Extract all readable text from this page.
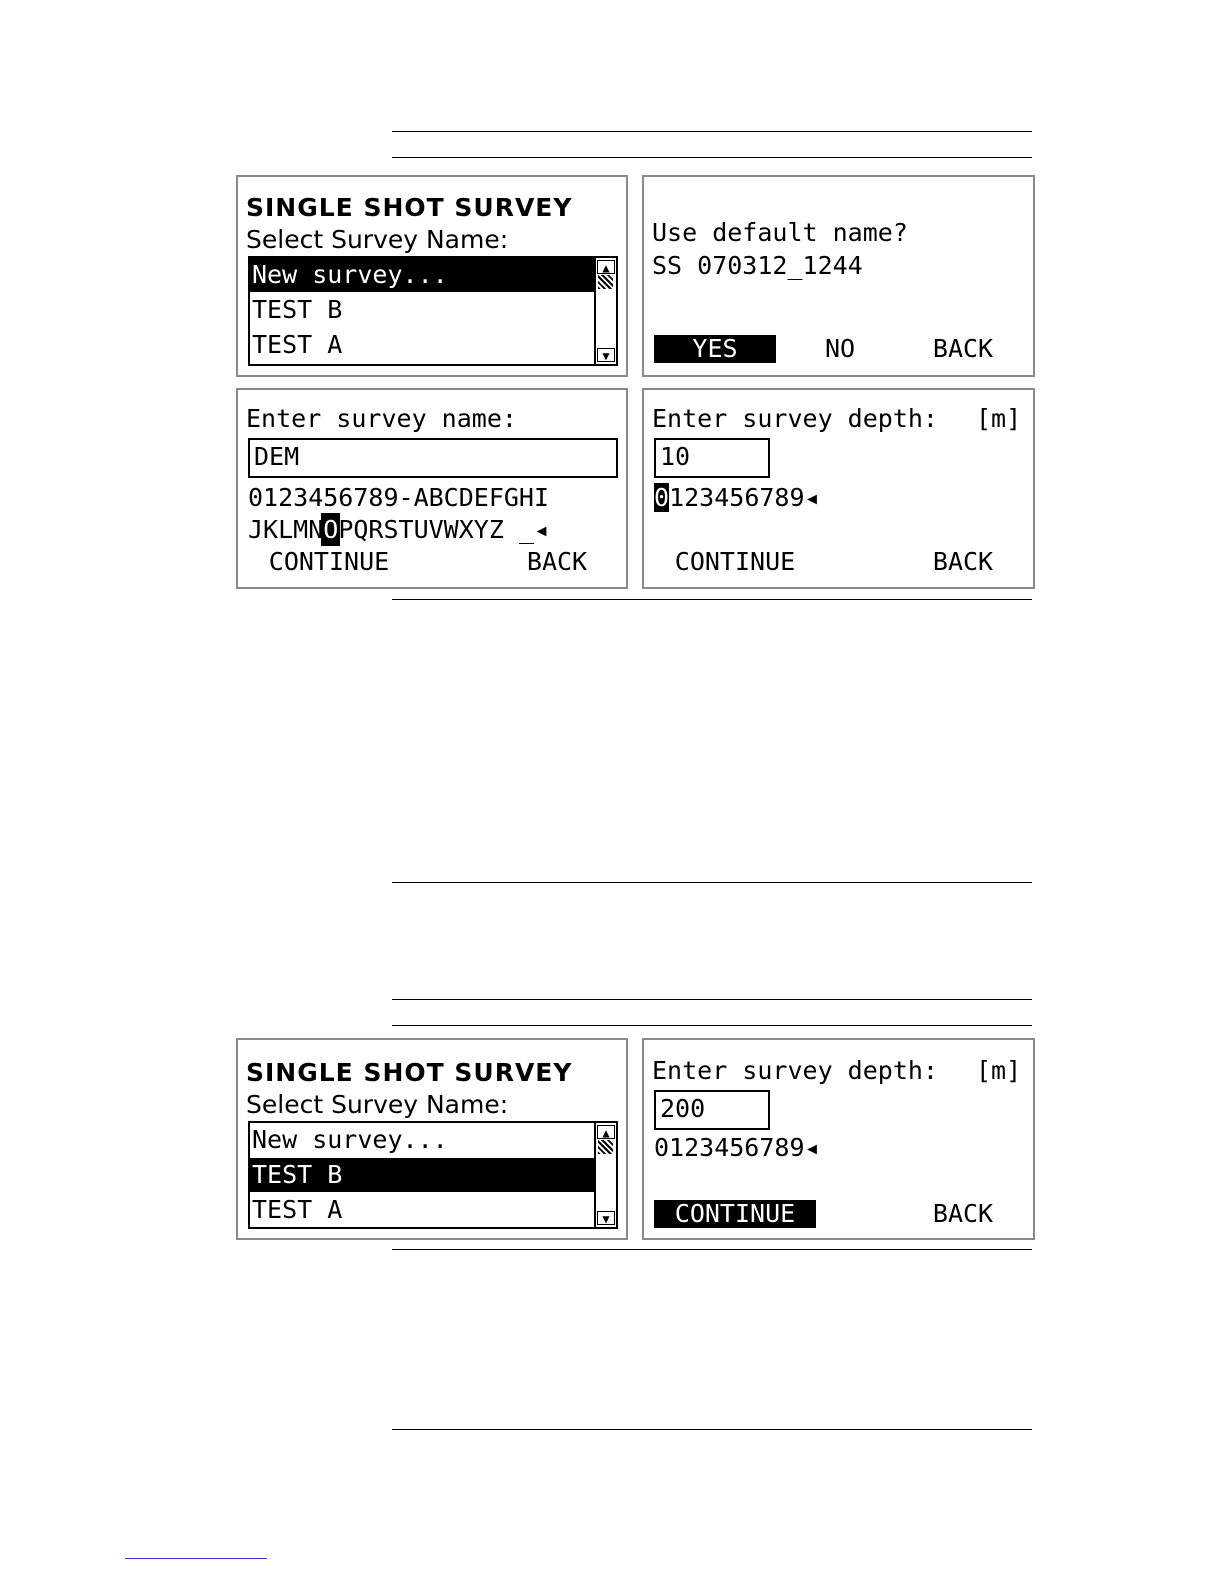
SINGLE SHOT SURVEY
Select Survey Name:
New survey...
TEST B
TEST A
▲
▼
Use default name?
SS 070312_1244
YES	NO	BACK
Enter survey name:
DEM
0123456789-ABCDEFGHI
JKLMNOPQRSTUVWXYZ _◂
CONTINUE	BACK
Enter survey depth: [m]
10
0123456789◂
CONTINUE	BACK
SINGLE SHOT SURVEY
Select Survey Name:
New survey...
TEST B
TEST A
▲
▼
Enter survey depth: [m]
200
0123456789◂
CONTINUE	BACK
